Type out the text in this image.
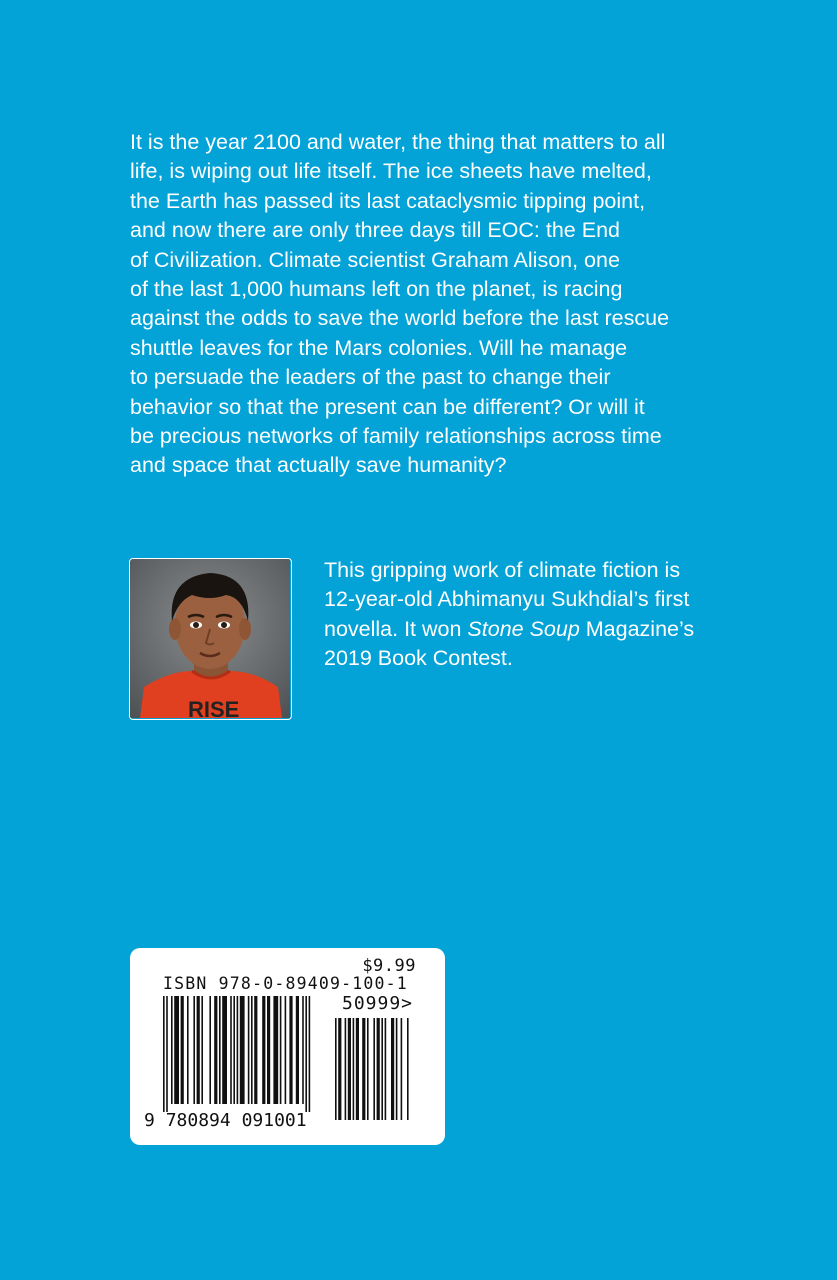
It is the year 2100 and water, the thing that matters to all
life, is wiping out life itself. The ice sheets have melted,
the Earth has passed its last cataclysmic tipping point,
and now there are only three days till EOC: the End
of Civilization. Climate scientist Graham Alison, one
of the last 1,000 humans left on the planet, is racing
against the odds to save the world before the last rescue
shuttle leaves for the Mars colonies. Will he manage
to persuade the leaders of the past to change their
behavior so that the present can be different? Or will it
be precious networks of family relationships across time
and space that actually save humanity?
RISE
This gripping work of climate fiction is
12-year-old Abhimanyu Sukhdial’s first
novella. It won Stone Soup Magazine’s
2019 Book Contest.
$9.99
ISBN 978-0-89409-100-1
50999>
9 780894 091001
